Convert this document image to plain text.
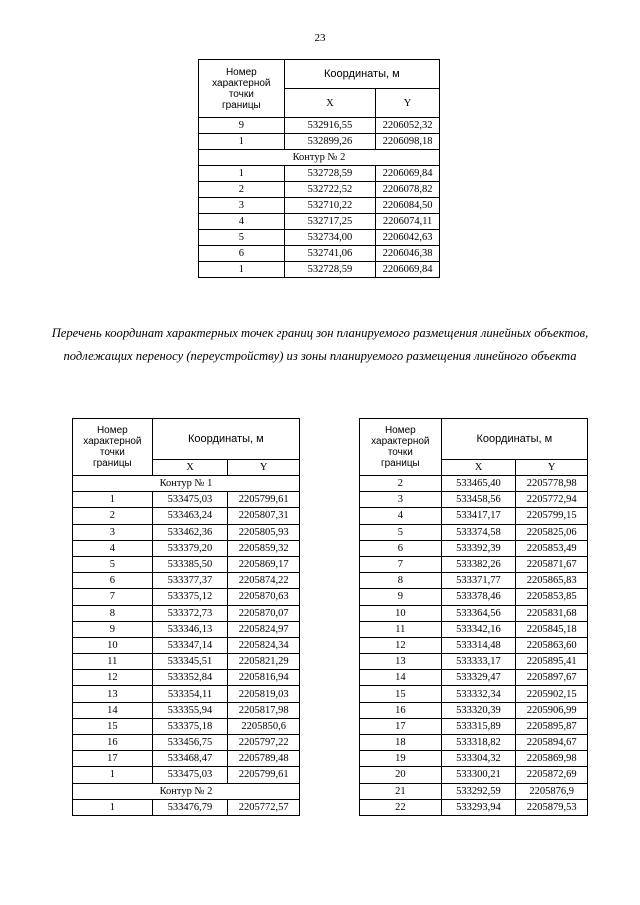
23
Номер
характерной
точки
границы	Координаты, м	
	X	Y
9	532916,55	2206052,32
1	532899,26	2206098,18
Контур № 2		
1	532728,59	2206069,84
2	532722,52	2206078,82
3	532710,22	2206084,50
4	532717,25	2206074,11
5	532734,00	2206042,63
6	532741,06	2206046,38
1	532728,59	2206069,84
Перечень координат характерных точек границ зон планируемого размещения линейных объектов, подлежащих переносу (переустройству) из зоны планируемого размещения линейного объекта
Номер
характерной
точки
границы	Координаты, м	
	X	Y
Контур № 1		
1	533475,03	2205799,61
2	533463,24	2205807,31
3	533462,36	2205805,93
4	533379,20	2205859,32
5	533385,50	2205869,17
6	533377,37	2205874,22
7	533375,12	2205870,63
8	533372,73	2205870,07
9	533346,13	2205824,97
10	533347,14	2205824,34
11	533345,51	2205821,29
12	533352,84	2205816,94
13	533354,11	2205819,03
14	533355,94	2205817,98
15	533375,18	2205850,6
16	533456,75	2205797,22
17	533468,47	2205789,48
1	533475,03	2205799,61
Контур № 2		
1	533476,79	2205772,57
Номер
характерной
точки
границы	Координаты, м	
	X	Y
2	533465,40	2205778,98
3	533458,56	2205772,94
4	533417,17	2205799,15
5	533374,58	2205825,06
6	533392,39	2205853,49
7	533382,26	2205871,67
8	533371,77	2205865,83
9	533378,46	2205853,85
10	533364,56	2205831,68
11	533342,16	2205845,18
12	533314,48	2205863,60
13	533333,17	2205895,41
14	533329,47	2205897,67
15	533332,34	2205902,15
16	533320,39	2205906,99
17	533315,89	2205895,87
18	533318,82	2205894,67
19	533304,32	2205869,98
20	533300,21	2205872,69
21	533292,59	2205876,9
22	533293,94	2205879,53
